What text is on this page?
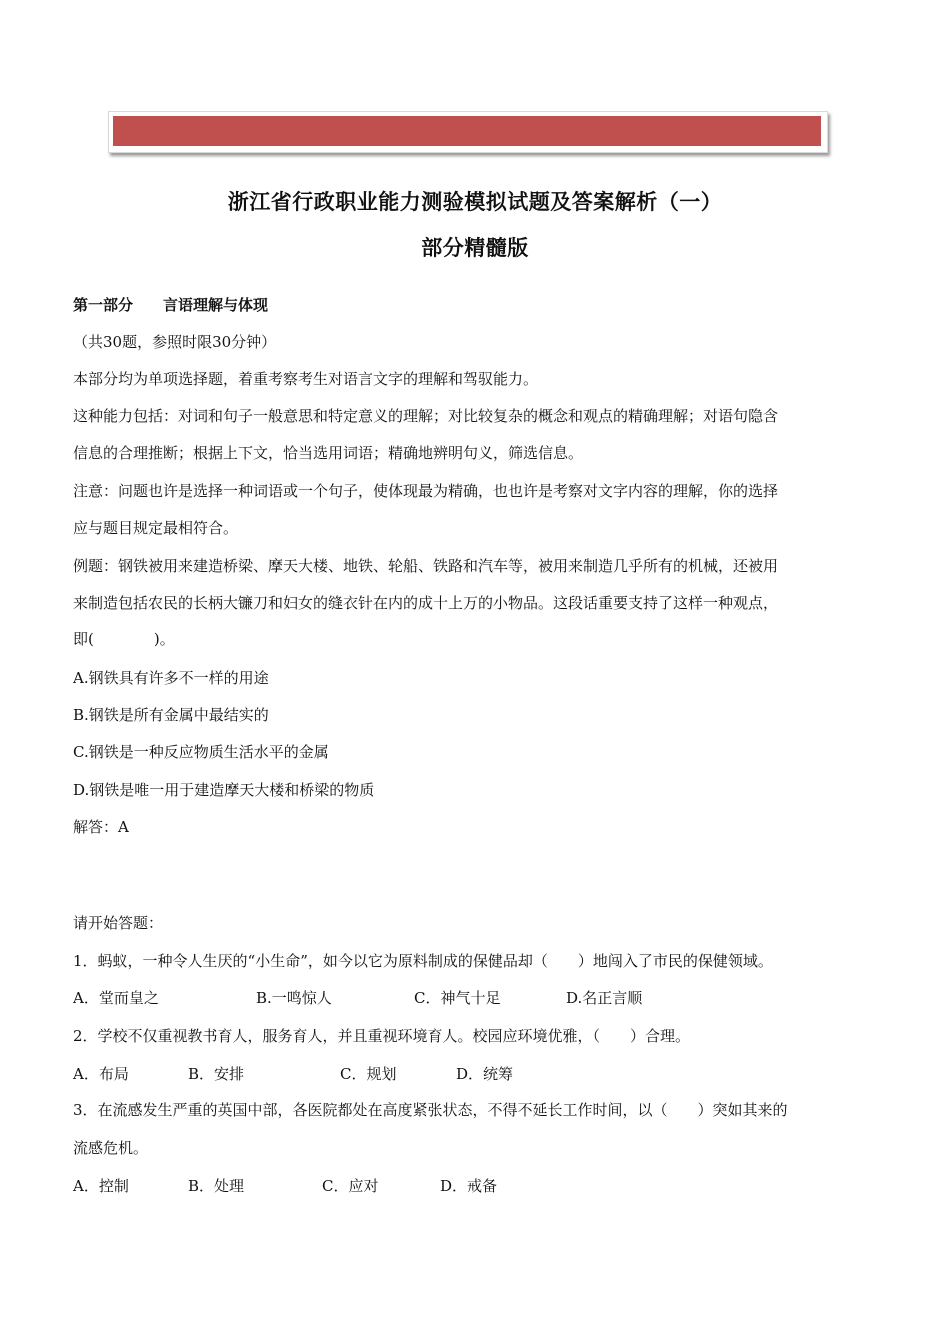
浙江省行政职业能力测验模拟试题及答案解析（一）
部分精髓版
第一部分　　言语理解与体现
（共30题，参照时限30分钟）
本部分均为单项选择题，着重考察考生对语言文字的理解和驾驭能力。
这种能力包括：对词和句子一般意思和特定意义的理解；对比较复杂的概念和观点的精确理解；对语句隐含
信息的合理推断；根据上下文，恰当选用词语；精确地辨明句义，筛选信息。
注意：问题也许是选择一种词语或一个句子，使体现最为精确，也也许是考察对文字内容的理解，你的选择
应与题目规定最相符合。
例题：钢铁被用来建造桥梁、摩天大楼、地铁、轮船、铁路和汽车等，被用来制造几乎所有的机械，还被用
来制造包括农民的长柄大镰刀和妇女的缝衣针在内的成十上万的小物品。这段话重要支持了这样一种观点，
即(　　　　)。
A.钢铁具有许多不一样的用途
B.钢铁是所有金属中最结实的
C.钢铁是一种反应物质生活水平的金属
D.钢铁是唯一用于建造摩天大楼和桥梁的物质
解答：A
请开始答题：
1．蚂蚁，一种令人生厌的“小生命”，如今以它为原料制成的保健品却（　　）地闯入了市民的保健领域。
A．堂而皇之	B.一鸣惊人	C．神气十足	D.名正言顺
2．学校不仅重视教书育人，服务育人，并且重视环境育人。校园应环境优雅，（　　）合理。
A．布局	B．安排	C．规划	D．统筹
3．在流感发生严重的英国中部，各医院都处在高度紧张状态，不得不延长工作时间，以（　　）突如其来的
流感危机。
A．控制	B．处理	C．应对	D．戒备
